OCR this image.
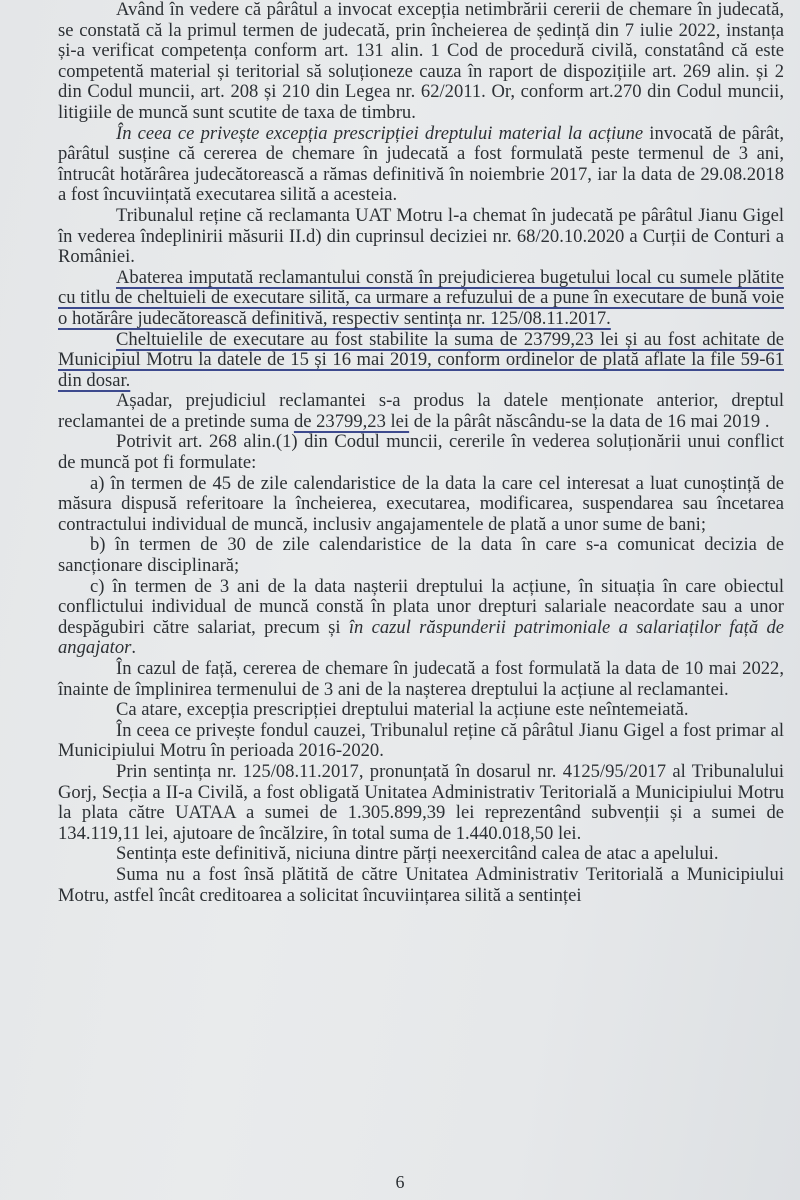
Având în vedere că pârâtul a invocat excepția netimbrării cererii de chemare în judecată, se constată că la primul termen de judecată, prin încheierea de ședință din 7 iulie 2022, instanța și-a verificat competența conform art. 131 alin. 1 Cod de procedură civilă, constatând că este competentă material și teritorial să soluționeze cauza în raport de dispozițiile art. 269 alin. și 2 din Codul muncii, art. 208 și 210 din Legea nr. 62/2011. Or, conform art.270 din Codul muncii, litigiile de muncă sunt scutite de taxa de timbru.

În ceea ce privește excepția prescripției dreptului material la acțiune invocată de pârât, pârâtul susține că cererea de chemare în judecată a fost formulată peste termenul de 3 ani, întrucât hotărârea judecătorească a rămas definitivă în noiembrie 2017, iar la data de 29.08.2018 a fost încuviințată executarea silită a acesteia.

Tribunalul reține că reclamanta UAT Motru l-a chemat în judecată pe pârâtul Jianu Gigel în vederea îndeplinirii măsurii II.d) din cuprinsul deciziei nr. 68/20.10.2020 a Curții de Conturi a României.

Abaterea imputată reclamantului constă în prejudicierea bugetului local cu sumele plătite cu titlu de cheltuieli de executare silită, ca urmare a refuzului de a pune în executare de bună voie o hotărâre judecătorească definitivă, respectiv sentința nr. 125/08.11.2017.

Cheltuielile de executare au fost stabilite la suma de 23799,23 lei și au fost achitate de Municipiul Motru la datele de 15 și 16 mai 2019, conform ordinelor de plată aflate la file 59-61 din dosar.

Așadar, prejudiciul reclamantei s-a produs la datele menționate anterior, dreptul reclamantei de a pretinde suma de 23799,23 lei de la pârât născându-se la data de 16 mai 2019 .

Potrivit art. 268 alin.(1) din Codul muncii, cererile în vederea soluționării unui conflict de muncă pot fi formulate:

a) în termen de 45 de zile calendaristice de la data la care cel interesat a luat cunoștință de măsura dispusă referitoare la încheierea, executarea, modificarea, suspendarea sau încetarea contractului individual de muncă, inclusiv angajamentele de plată a unor sume de bani;

b) în termen de 30 de zile calendaristice de la data în care s-a comunicat decizia de sancționare disciplinară;

c) în termen de 3 ani de la data nașterii dreptului la acțiune, în situația în care obiectul conflictului individual de muncă constă în plata unor drepturi salariale neacordate sau a unor despăgubiri către salariat, precum și în cazul răspunderii patrimoniale a salariaților față de angajator.

În cazul de față, cererea de chemare în judecată a fost formulată la data de 10 mai 2022, înainte de împlinirea termenului de 3 ani de la nașterea dreptului la acțiune al reclamantei.

Ca atare, excepția prescripției dreptului material la acțiune este neîntemeiată.

În ceea ce privește fondul cauzei, Tribunalul reține că pârâtul Jianu Gigel a fost primar al Municipiului Motru în perioada 2016-2020.

Prin sentința nr. 125/08.11.2017, pronunțată în dosarul nr. 4125/95/2017 al Tribunalului Gorj, Secția a II-a Civilă, a fost obligată Unitatea Administrativ Teritorială a Municipiului Motru la plata către UATAA a sumei de 1.305.899,39 lei reprezentând subvenții și a sumei de 134.119,11 lei, ajutoare de încălzire, în total suma de 1.440.018,50 lei.

Sentința este definitivă, niciuna dintre părți neexercitând calea de atac a apelului.

Suma nu a fost însă plătită de către Unitatea Administrativ Teritorială a Municipiului Motru, astfel încât creditoarea a solicitat încuviințarea silită a sentinței

6
